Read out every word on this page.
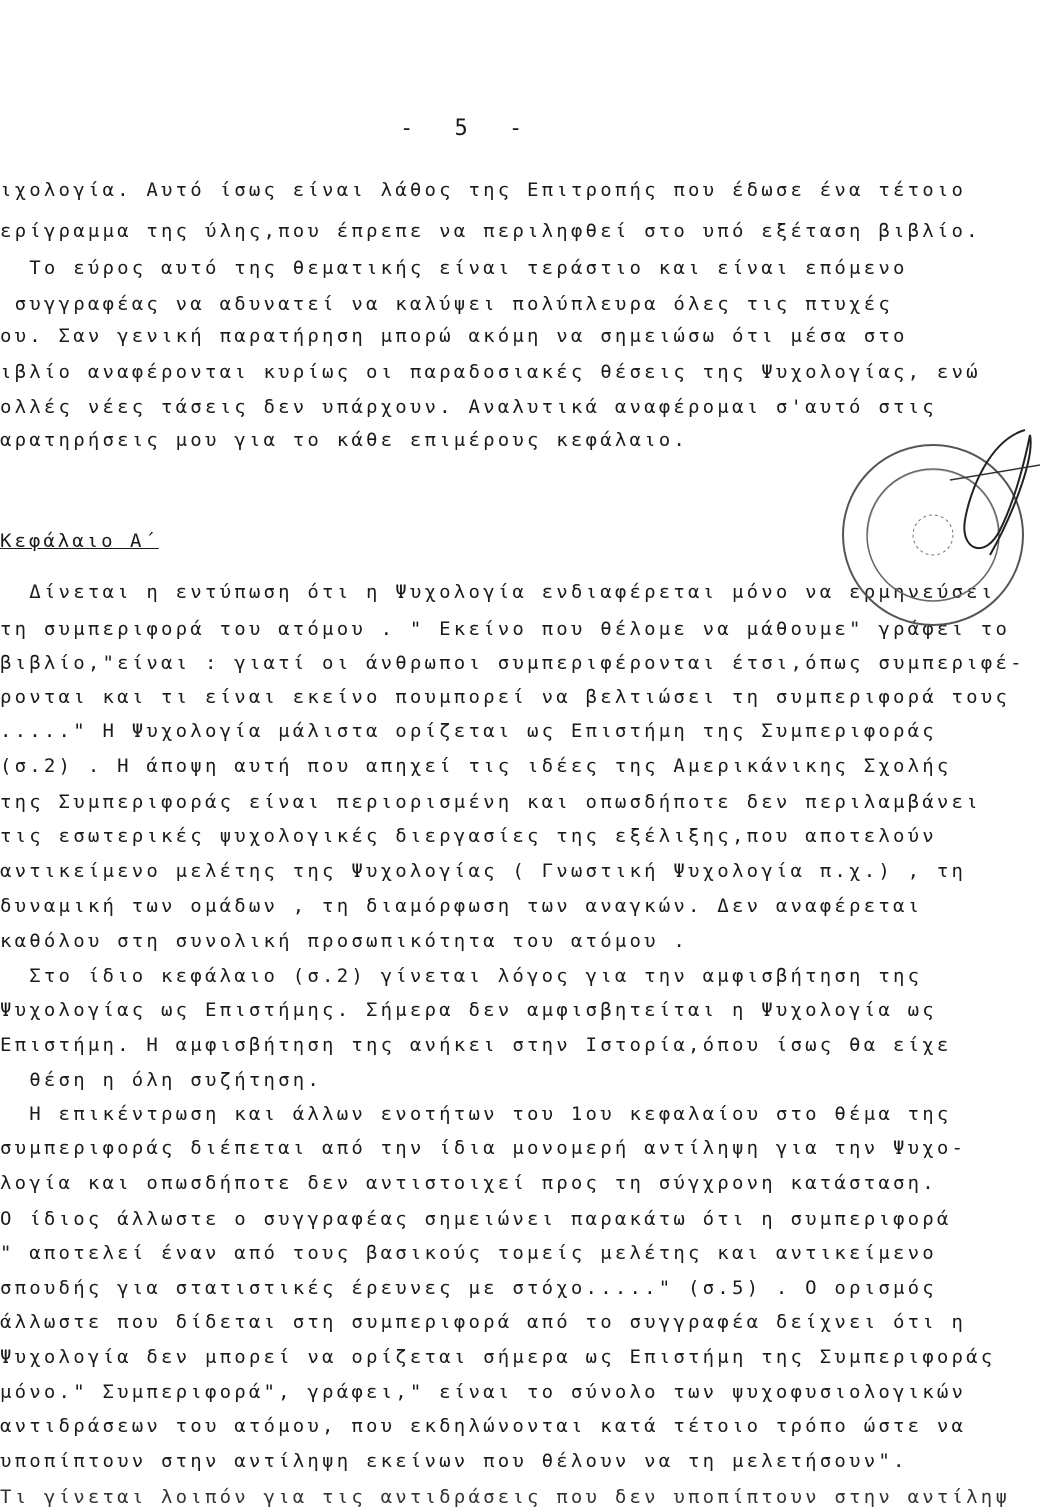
- 5 -
ιχολογία. Αυτό ίσως είναι λάθος της Επιτροπής που έδωσε ένα τέτοιο
ερίγραμμα της ύλης,που έπρεπε να περιληφθεί στο υπό εξέταση βιβλίο.
Το εύρος αυτό της θεματικής είναι τεράστιο και είναι επόμενο
συγγραφέας να αδυνατεί να καλύψει πολύπλευρα όλες τις πτυχές
ου. Σαν γενική παρατήρηση μπορώ ακόμη να σημειώσω ότι μέσα στο
ιβλίο αναφέρονται κυρίως οι παραδοσιακές θέσεις της Ψυχολογίας, ενώ
ολλές νέες τάσεις δεν υπάρχουν. Αναλυτικά αναφέρομαι σ'αυτό στις
αρατηρήσεις μου για το κάθε επιμέρους κεφάλαιο.
Κεφάλαιο Α΄
Δίνεται η εντύπωση ότι η Ψυχολογία ενδιαφέρεται μόνο να ερμηνεύσει
τη συμπεριφορά του ατόμου . " Εκείνο που θέλομε να μάθουμε" γράφει το
βιβλίο,"είναι : γιατί οι άνθρωποι συμπεριφέρονται έτσι,όπως συμπεριφέ-
ρονται και τι είναι εκείνο πουμπορεί να βελτιώσει τη συμπεριφορά τους
....." Η Ψυχολογία μάλιστα ορίζεται ως Επιστήμη της Συμπεριφοράς
(σ.2) . Η άποψη αυτή που απηχεί τις ιδέες της Αμερικάνικης Σχολής
της Συμπεριφοράς είναι περιορισμένη και οπωσδήποτε δεν περιλαμβάνει
τις εσωτερικές ψυχολογικές διεργασίες της εξέλιξης,που αποτελούν
αντικείμενο μελέτης της Ψυχολογίας ( Γνωστική Ψυχολογία π.χ.) , τη
δυναμική των ομάδων , τη διαμόρφωση των αναγκών. Δεν αναφέρεται
καθόλου στη συνολική προσωπικότητα του ατόμου .
Στο ίδιο κεφάλαιο (σ.2) γίνεται λόγος για την αμφισβήτηση της
Ψυχολογίας ως Επιστήμης. Σήμερα δεν αμφισβητείται η Ψυχολογία ως
Επιστήμη. Η αμφισβήτηση της ανήκει στην Ιστορία,όπου ίσως θα είχε
θέση η όλη συζήτηση.
Η επικέντρωση και άλλων ενοτήτων του 1ου κεφαλαίου στο θέμα της
συμπεριφοράς διέπεται από την ίδια μονομερή αντίληψη για την Ψυχο-
λογία και οπωσδήποτε δεν αντιστοιχεί προς τη σύγχρονη κατάσταση.
Ο ίδιος άλλωστε ο συγγραφέας σημειώνει παρακάτω ότι η συμπεριφορά
" αποτελεί έναν από τους βασικούς τομείς μελέτης και αντικείμενο
σπουδής για στατιστικές έρευνες με στόχο....." (σ.5) . Ο ορισμός
άλλωστε που δίδεται στη συμπεριφορά από το συγγραφέα δείχνει ότι η
Ψυχολογία δεν μπορεί να ορίζεται σήμερα ως Επιστήμη της Συμπεριφοράς
μόνο." Συμπεριφορά", γράφει," είναι το σύνολο των ψυχοφυσιολογικών
αντιδράσεων του ατόμου, που εκδηλώνονται κατά τέτοιο τρόπο ώστε να
υποπίπτουν στην αντίληψη εκείνων που θέλουν να τη μελετήσουν".
Τι γίνεται λοιπόν για τις αντιδράσεις που δεν υποπίπτουν στην αντίληψ
